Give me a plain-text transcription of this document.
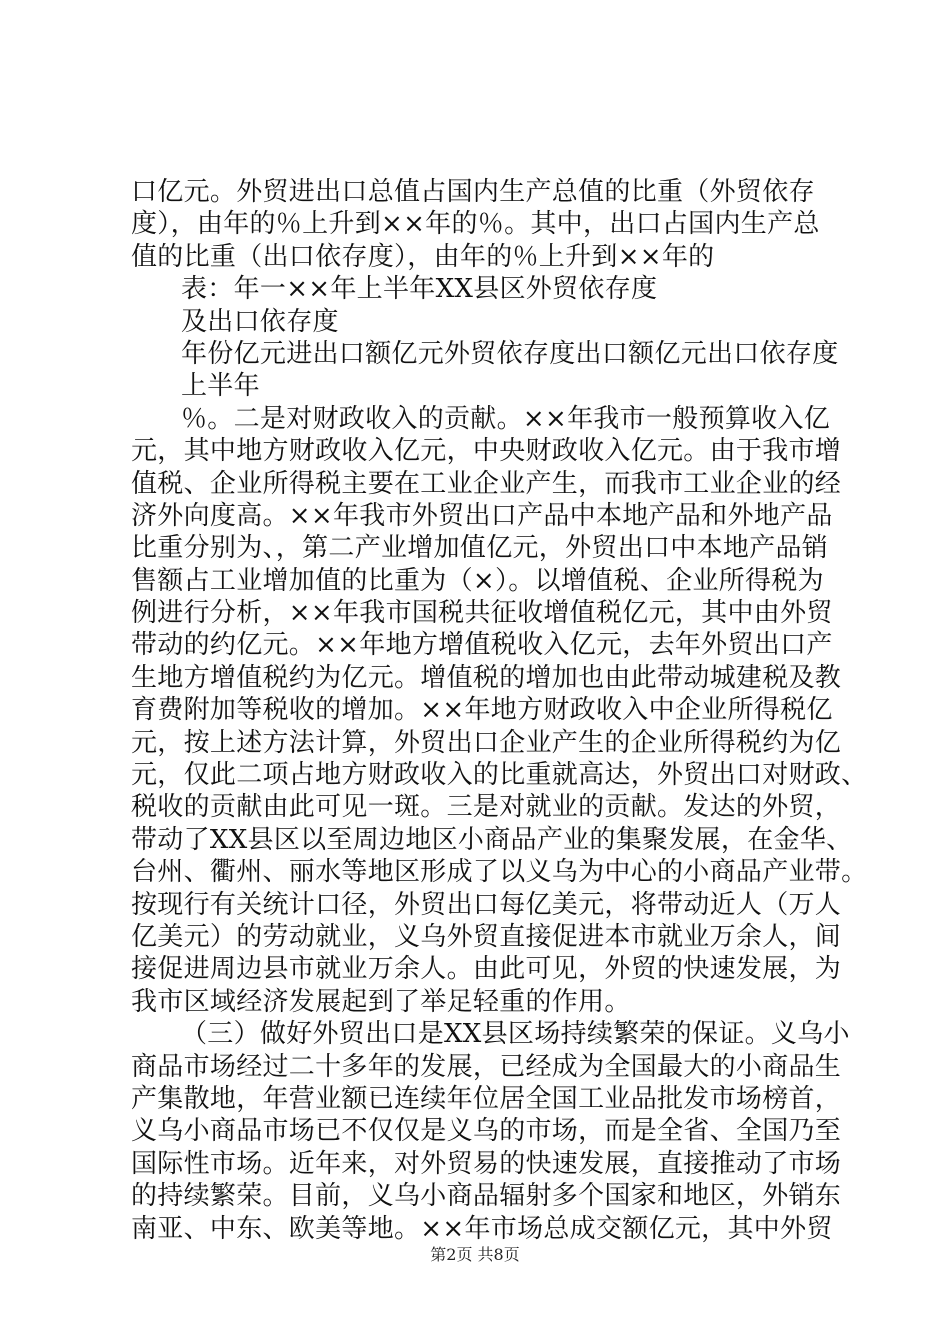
口亿元。外贸进出口总值占国内生产总值的比重（外贸依存
度），由年的％上升到××年的％。其中，出口占国内生产总
值的比重（出口依存度），由年的％上升到××年的
表：年一××年上半年XX县区外贸依存度
及出口依存度
年份亿元进出口额亿元外贸依存度出口额亿元出口依存度
上半年
％。二是对财政收入的贡献。××年我市一般预算收入亿
元，其中地方财政收入亿元，中央财政收入亿元。由于我市增
值税、企业所得税主要在工业企业产生，而我市工业企业的经
济外向度高。××年我市外贸出口产品中本地产品和外地产品
比重分别为、，第二产业增加值亿元，外贸出口中本地产品销
售额占工业增加值的比重为（×）。以增值税、企业所得税为
例进行分析，××年我市国税共征收增值税亿元，其中由外贸
带动的约亿元。××年地方增值税收入亿元，去年外贸出口产
生地方增值税约为亿元。增值税的增加也由此带动城建税及教
育费附加等税收的增加。××年地方财政收入中企业所得税亿
元，按上述方法计算，外贸出口企业产生的企业所得税约为亿
元，仅此二项占地方财政收入的比重就高达，外贸出口对财政、
税收的贡献由此可见一斑。三是对就业的贡献。发达的外贸，
带动了XX县区以至周边地区小商品产业的集聚发展，在金华、
台州、衢州、丽水等地区形成了以义乌为中心的小商品产业带。
按现行有关统计口径，外贸出口每亿美元，将带动近人（万人
亿美元）的劳动就业，义乌外贸直接促进本市就业万余人，间
接促进周边县市就业万余人。由此可见，外贸的快速发展，为
我市区域经济发展起到了举足轻重的作用。
（三）做好外贸出口是XX县区场持续繁荣的保证。义乌小
商品市场经过二十多年的发展，已经成为全国最大的小商品生
产集散地，年营业额已连续年位居全国工业品批发市场榜首，
义乌小商品市场已不仅仅是义乌的市场，而是全省、全国乃至
国际性市场。近年来，对外贸易的快速发展，直接推动了市场
的持续繁荣。目前，义乌小商品辐射多个国家和地区，外销东
南亚、中东、欧美等地。××年市场总成交额亿元，其中外贸
第2页 共8页
